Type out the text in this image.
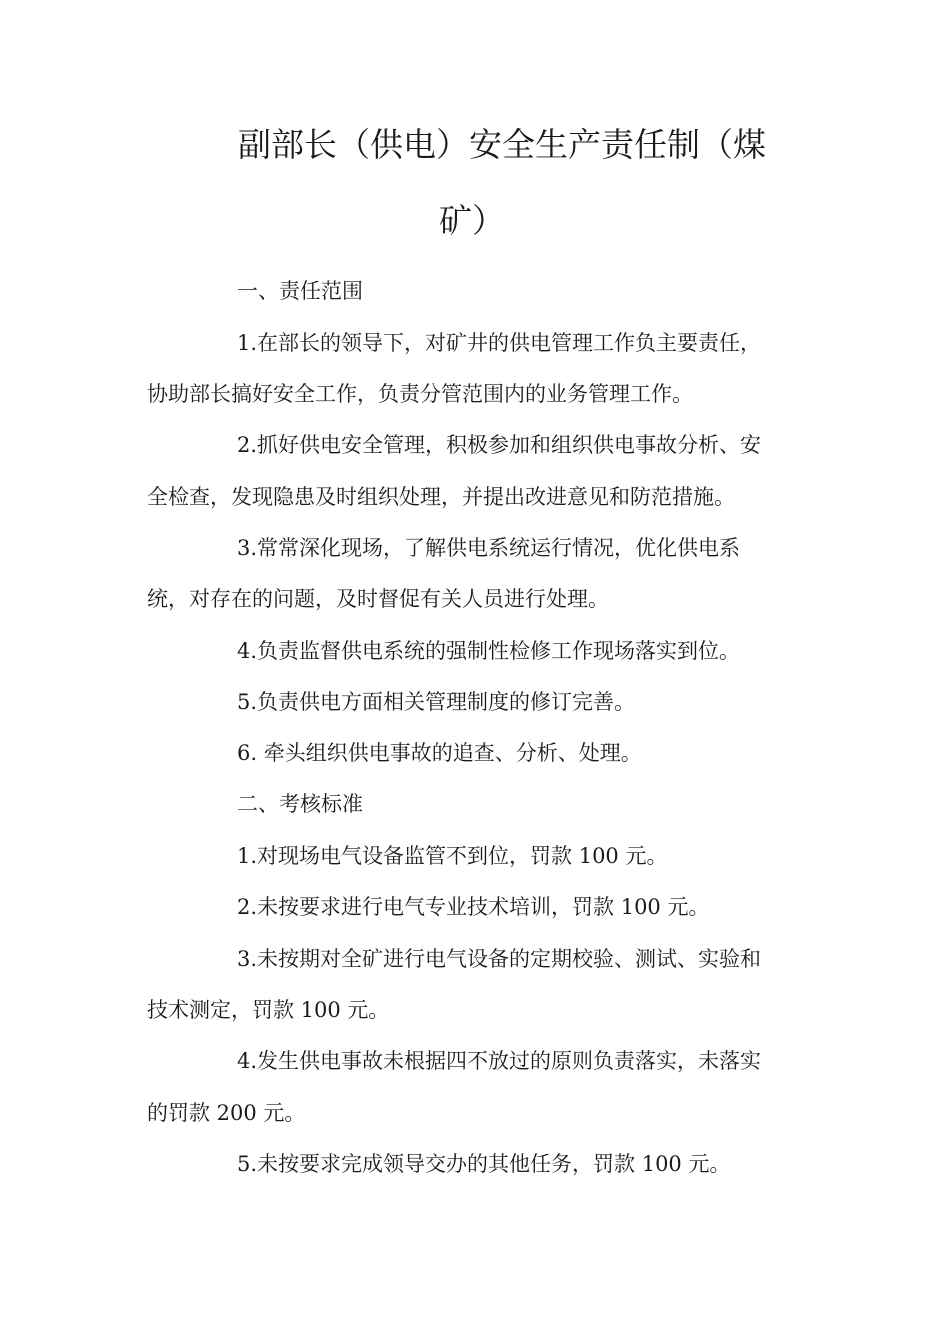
副部长（供电）安全生产责任制（煤
矿）
一、责任范围
1.在部长的领导下，对矿井的供电管理工作负主要责任，
协助部长搞好安全工作，负责分管范围内的业务管理工作。
2.抓好供电安全管理，积极参加和组织供电事故分析、安
全检查，发现隐患及时组织处理，并提出改进意见和防范措施。
3.常常深化现场，了解供电系统运行情况，优化供电系
统，对存在的问题，及时督促有关人员进行处理。
4.负责监督供电系统的强制性检修工作现场落实到位。
5.负责供电方面相关管理制度的修订完善。
6. 牵头组织供电事故的追查、分析、处理。
二、考核标准
1.对现场电气设备监管不到位，罚款 100 元。
2.未按要求进行电气专业技术培训，罚款 100 元。
3.未按期对全矿进行电气设备的定期校验、测试、实验和
技术测定，罚款 100 元。
4.发生供电事故未根据四不放过的原则负责落实，未落实
的罚款 200 元。
5.未按要求完成领导交办的其他任务，罚款 100 元。
